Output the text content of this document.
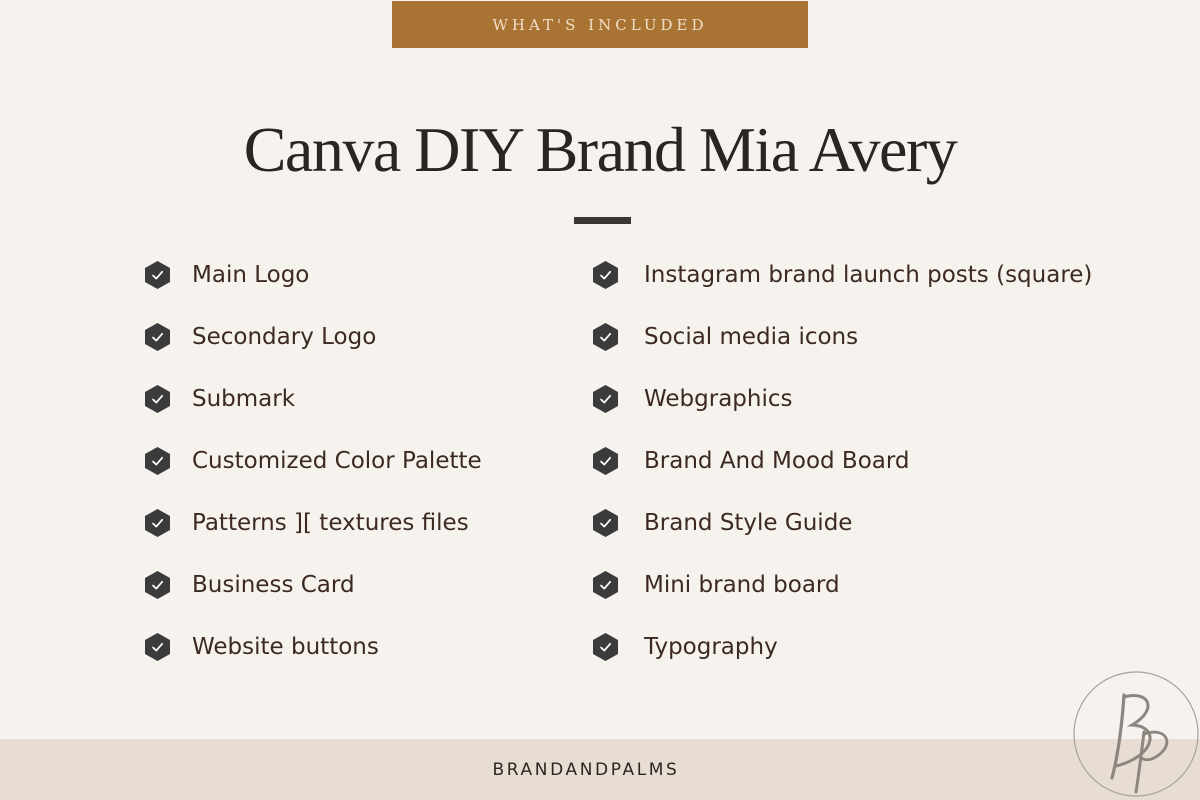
WHAT'S INCLUDED
Canva DIY Brand Mia Avery
Main Logo
Secondary Logo
Submark
Customized Color Palette
Patterns ][ textures files
Business Card
Website buttons
Instagram brand launch posts (square)
Social media icons
Webgraphics
Brand And Mood Board
Brand Style Guide
Mini brand board
Typography
BRANDANDPALMS
